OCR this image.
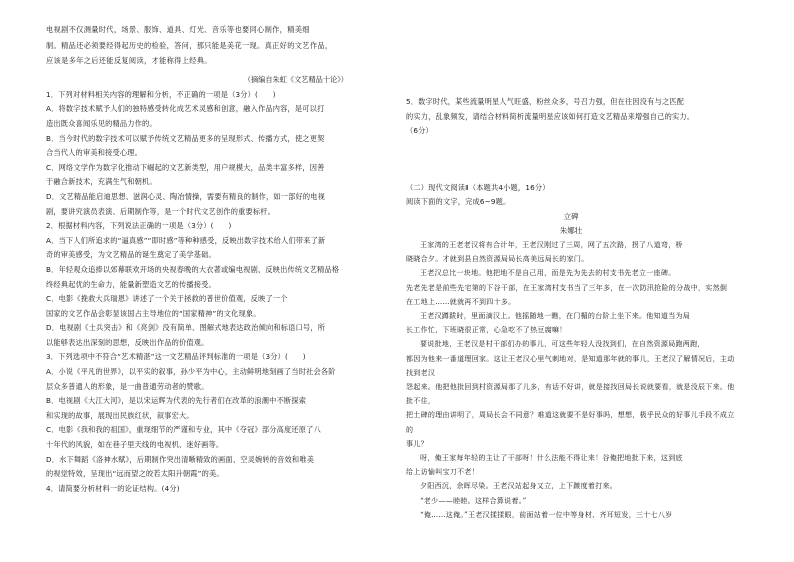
电视剧不仅测量时代，场景、服饰、道具、灯光、音乐等也要同心制作，精美细
制。精品还必须要经得起历史的检验，答问，那只能是美花一现。真正好的文艺作品，
应该是多年之后还能反复阅读，才能称得上经典。
（摘编自朱虹《文艺精品十论》）
1．下列对材料相关内容的理解和分析，不正确的一项是（3分）(　　)
A．将数字技术赋予人们的独特感受转化成艺术灵感和创意，融入作品内容，是可以打
造出既众喜闻乐见的精品力作的。
B．当今时代的数字技术可以赋予传统文艺精品更多的呈现形式、传播方式，使之更契
合当代人的审美和接受心理。
C．网络文学作为数字化推动下崛起的文艺新类型，用户规模大，品类丰富多样，因善
于融合新技术，充满生气和朝机。
D．文艺精品能启迪思想、滋润心灵、陶冶情操，需要有精良的制作，如一部好的电视
剧，要讲究演员表演、后期制作等，是一个时代文艺创作的重要标杆。
2．根据材料内容，下列说法正确的一项是（3分）(　　)
A．当下人们所追求的“逼真感”“即时感”等种种感受，反映出数字技术给人们带来了新
奇的审美感受，为文艺精品的诞生奠定了美学基础。
B．年轻观众追捧以郊幕联欢开场的央视春晚的大衣著或编电视剧，反映出传统文艺精品格
终经典起优的生命力，能量新塑造文艺的传播接受。
C．电影《挽救大兵瑞恩》讲述了一个关于拯救的普世价值观，反映了一个
国家的文艺作品会彰显该国占主导地位的“国家精神”的文化现象。
D．电视剧《士兵突击》和《亮剑》没有简单、图解式地表达政治倾向和标语口号，所
以能够表达出深刻的思想，反映出作品的价值观。
3．下列选项中不符合“艺术精湛”这一文艺精品评判标准的一项是（3分）(　　)
A．小说《平凡的世界》，以平实的叙事，孙少平为中心，主动鲜明地刻画了当时社会各阶
层众多普通人的形象，是一曲普通劳动者的赞歌。
B．电视剧《大江大河》，是以宋运辉为代表的先行者们在改革的浪潮中不断探索
和实现的故事，展现出民族红状，叙事宏大。
C．电影《我和我的祖国》，重现细节的严谨和专业，其中《夺冠》部分高度还原了八
十年代的风貌，如在巷子里天线的电视机、迷好画等。
D．水下舞蹈《洛神水赋》，后期制作突出清晰精致的画面、空灵婉转的音效和唯美
的视觉特效，呈现出“远而望之皎若太阳升朝霞”的美。
4．请简要分析材料一的论证结构。(4分)
5．数字时代，某些流量明星人气旺盛，粉丝众多，号召力强，但在往因没有与之匹配
的实力，乱象频发，请结合材料简析流量明星应该如何打造文艺精品来增强自己的实力。
（6分）
（二）现代文阅读Ⅱ（本题共4小题，16分）
阅读下面的文字，完成6~9题。
立碑
朱娜壮
王家湾的王老老汉将有合计年，王老汉刚过了三周，网了五次路，拐了八道弯，桥
晓晓合夕。才就到县自然资源局局长高美远局长的家门。
王老汉总比一块地。他把地不是自己用，而是先为先去的村支书先老立一座碑。
先老先老是前些先宅第的下谷干部，在王家湾村支书当了三年多，在一次防汛抢险的分战中，实然倒
在工地上……就就再不到四十多。
王老汉蹲跋时，里面滴汉上。他摇随地一瞧，在门楣的台阶上坐下来。他知道当为局
长工作忙，下班晓很正常，心急吃不了热豆腐嘛！
要说批地，王老汉是村干部们办的事儿，可这些年轻人没找到们，在自然资源局跑两跑，
都因为他来一番道理回家。这让王老汉心里气刺地对，是知道那年就的事儿，王老汉了解情况后，主动找到老汉
怨起来。他把他批回到村资源局那了儿多，有话不好讲，就是接找回局长说就要看，就是没辰下来。他批不住，
把土碑的理由讲明了，周局长会不同意？难道这就要不是好事吗，想想，极乎民众的好事儿手段不成立的
事儿？
呀，俺王家每年轻的主让了干部呀！什么法能不得让来！谷俺把地批下来，这到底
给上访愉叫宝刀不老！
夕阳西沉，余晖尽染。王老汉站起身又立，上下踱度着打来。
“老少——睦睦。这样合算说着。”
“俺……这俺。”王老汉揉揉眼，前面站着一位中等身材、齐耳短发，三十七八岁
